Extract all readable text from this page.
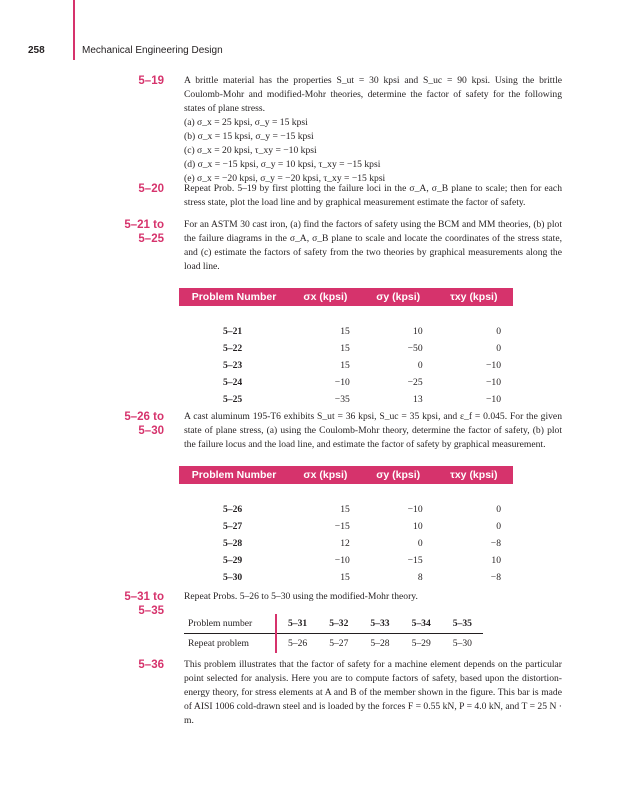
258	Mechanical Engineering Design
5–19 A brittle material has the properties S_ut = 30 kpsi and S_uc = 90 kpsi. Using the brittle Coulomb-Mohr and modified-Mohr theories, determine the factor of safety for the following states of plane stress.

(a) σ_x = 25 kpsi, σ_y = 15 kpsi
(b) σ_x = 15 kpsi, σ_y = −15 kpsi
(c) σ_x = 20 kpsi, τ_xy = −10 kpsi
(d) σ_x = −15 kpsi, σ_y = 10 kpsi, τ_xy = −15 kpsi
(e) σ_x = −20 kpsi, σ_y = −20 kpsi, τ_xy = −15 kpsi
5–20 Repeat Prob. 5–19 by first plotting the failure loci in the σ_A, σ_B plane to scale; then for each stress state, plot the load line and by graphical measurement estimate the factor of safety.

5–21 to
5–25

For an ASTM 30 cast iron, (a) find the factors of safety using the BCM and MM theories, (b) plot the failure diagrams in the σ_A, σ_B plane to scale and locate the coordinates of the stress state, and (c) estimate the factors of safety from the two theories by graphical measurements along the load line.

Problem Number	σx (kpsi)	σy (kpsi)	τxy (kpsi)

5–21	15	10	0
5–22	15	−50	0
5–23	15	0	−10
5–24	−10	−25	−10
5–25	−35	13	−10
5–26 to
5–30

A cast aluminum 195-T6 exhibits S_ut = 36 kpsi, S_uc = 35 kpsi, and ε_f = 0.045. For the given state of plane stress, (a) using the Coulomb-Mohr theory, determine the factor of safety, (b) plot the failure locus and the load line, and estimate the factor of safety by graphical measurement.

Problem Number	σx (kpsi)	σy (kpsi)	τxy (kpsi)

5–26	15	−10	0
5–27	−15	10	0
5–28	12	0	−8
5–29	−10	−15	10
5–30	15	8	−8
5–31 to
5–35

Repeat Probs. 5–26 to 5–30 using the modified-Mohr theory.

Problem number	5–31	5–32	5–33	5–34	5–35
Repeat problem	5–26	5–27	5–28	5–29	5–30
5–36 This problem illustrates that the factor of safety for a machine element depends on the particular point selected for analysis. Here you are to compute factors of safety, based upon the distortion-energy theory, for stress elements at A and B of the member shown in the figure. This bar is made of AISI 1006 cold-drawn steel and is loaded by the forces F = 0.55 kN, P = 4.0 kN, and T = 25 N · m.
